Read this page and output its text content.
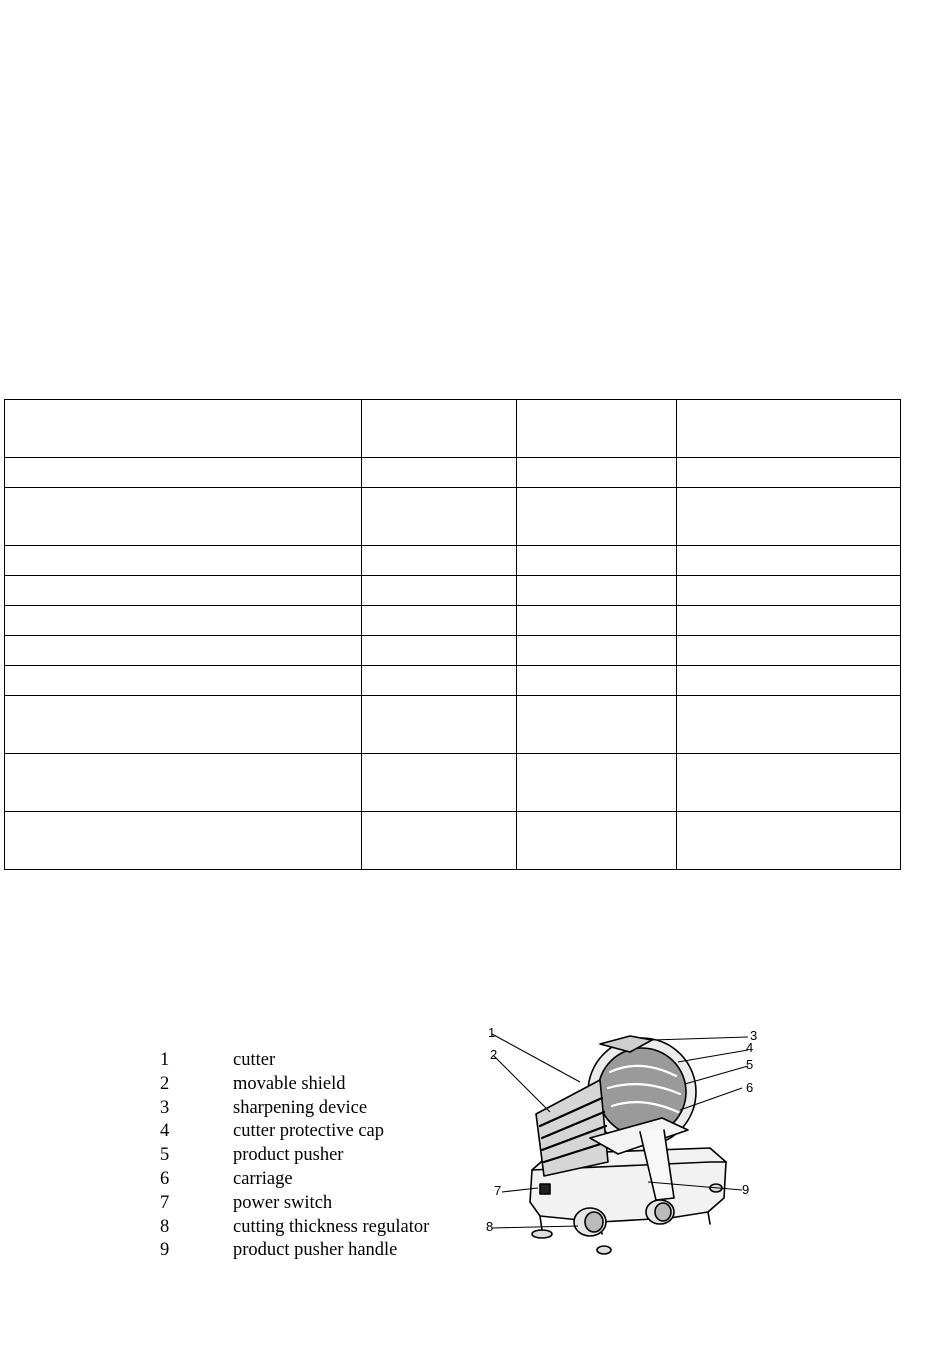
1	cutter
2	movable shield
3	sharpening device
4	cutter protective cap
5	product pusher
6	carriage
7	power switch
8	cutting thickness regulator
9	product pusher handle
1
2
3
4
5
6
7
8
9
